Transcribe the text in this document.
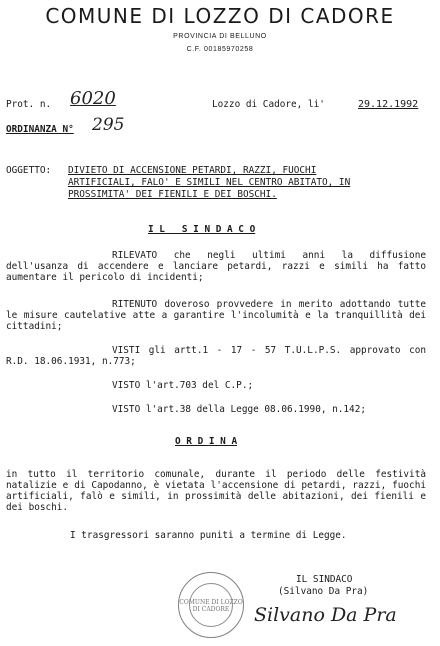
COMUNE DI LOZZO DI CADORE
PROVINCIA DI BELLUNO
C.F. 00185970258
Prot. n. 6020	Lozzo di Cadore, li'	29.12.1992
ORDINANZA N° 295
OGGETTO: DIVIETO DI ACCENSIONE PETARDI, RAZZI, FUOCHI
ARTIFICIALI, FALO' E SIMILI NEL CENTRO ABITATO, IN
PROSSIMITA' DEI FIENILI E DEI BOSCHI.
I L   S I N D A C O
RILEVATO che negli ultimi anni la diffusione dell'usanza di accendere e lanciare petardi, razzi e simili ha fatto aumentare il pericolo di incidenti;
RITENUTO doveroso provvedere in merito adottando tutte le misure cautelative atte a garantire l'incolumità e la tranquillità dei cittadini;
VISTI gli artt.1 - 17 - 57 T.U.L.P.S. approvato con R.D. 18.06.1931, n.773;
VISTO l'art.703 del C.P.;
VISTO l'art.38 della Legge 08.06.1990, n.142;
O R D I N A
in tutto il territorio comunale, durante il periodo delle festività natalizie e di Capodanno, è vietata l'accensione di petardi, razzi, fuochi artificiali, falò e simili, in prossimità delle abitazioni, dei fienili e dei boschi.
I trasgressori saranno puniti a termine di Legge.
COMUNE DI LOZZO DI CADORE
IL SINDACO
(Silvano Da Pra)
Silvano Da Pra
